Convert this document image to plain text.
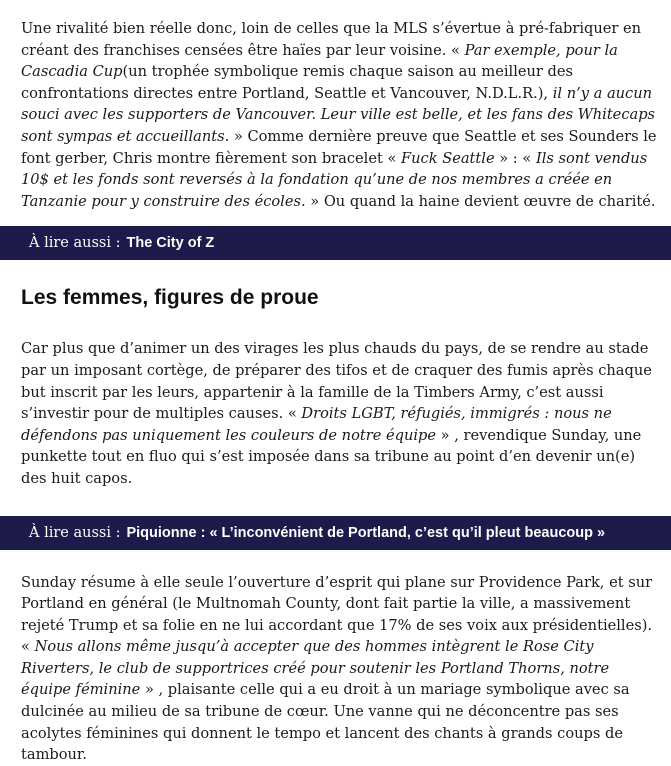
Une rivalité bien réelle donc, loin de celles que la MLS s’évertue à pré-fabriquer en créant des franchises censées être haïes par leur voisine. « Par exemple, pour la Cascadia Cup(un trophée symbolique remis chaque saison au meilleur des confrontations directes entre Portland, Seattle et Vancouver, N.D.L.R.), il n’y a aucun souci avec les supporters de Vancouver. Leur ville est belle, et les fans des Whitecaps sont sympas et accueillants. » Comme dernière preuve que Seattle et ses Sounders le font gerber, Chris montre fièrement son bracelet « Fuck Seattle » : « Ils sont vendus 10$ et les fonds sont reversés à la fondation qu’une de nos membres a créée en Tanzanie pour y construire des écoles. » Ou quand la haine devient œuvre de charité.

À lire aussi : The City of Z
Les femmes, figures de proue

Car plus que d’animer un des virages les plus chauds du pays, de se rendre au stade par un imposant cortège, de préparer des tifos et de craquer des fumis après chaque but inscrit par les leurs, appartenir à la famille de la Timbers Army, c’est aussi s’investir pour de multiples causes. « Droits LGBT, réfugiés, immigrés : nous ne défendons pas uniquement les couleurs de notre équipe » , revendique Sunday, une punkette tout en fluo qui s’est imposée dans sa tribune au point d’en devenir un(e) des huit capos.

À lire aussi : Piquionne : « L’inconvénient de Portland, c’est qu’il pleut beaucoup »

Sunday résume à elle seule l’ouverture d’esprit qui plane sur Providence Park, et sur Portland en général (le Multnomah County, dont fait partie la ville, a massivement rejeté Trump et sa folie en ne lui accordant que 17% de ses voix aux présidentielles). « Nous allons même jusqu’à accepter que des hommes intègrent le Rose City Riverters, le club de supportrices créé pour soutenir les Portland Thorns, notre équipe féminine » , plaisante celle qui a eu droit à un mariage symbolique avec sa dulcinée au milieu de sa tribune de cœur. Une vanne qui ne déconcentre pas ses acolytes féminines qui donnent le tempo et lancent des chants à grands coups de tambour.
